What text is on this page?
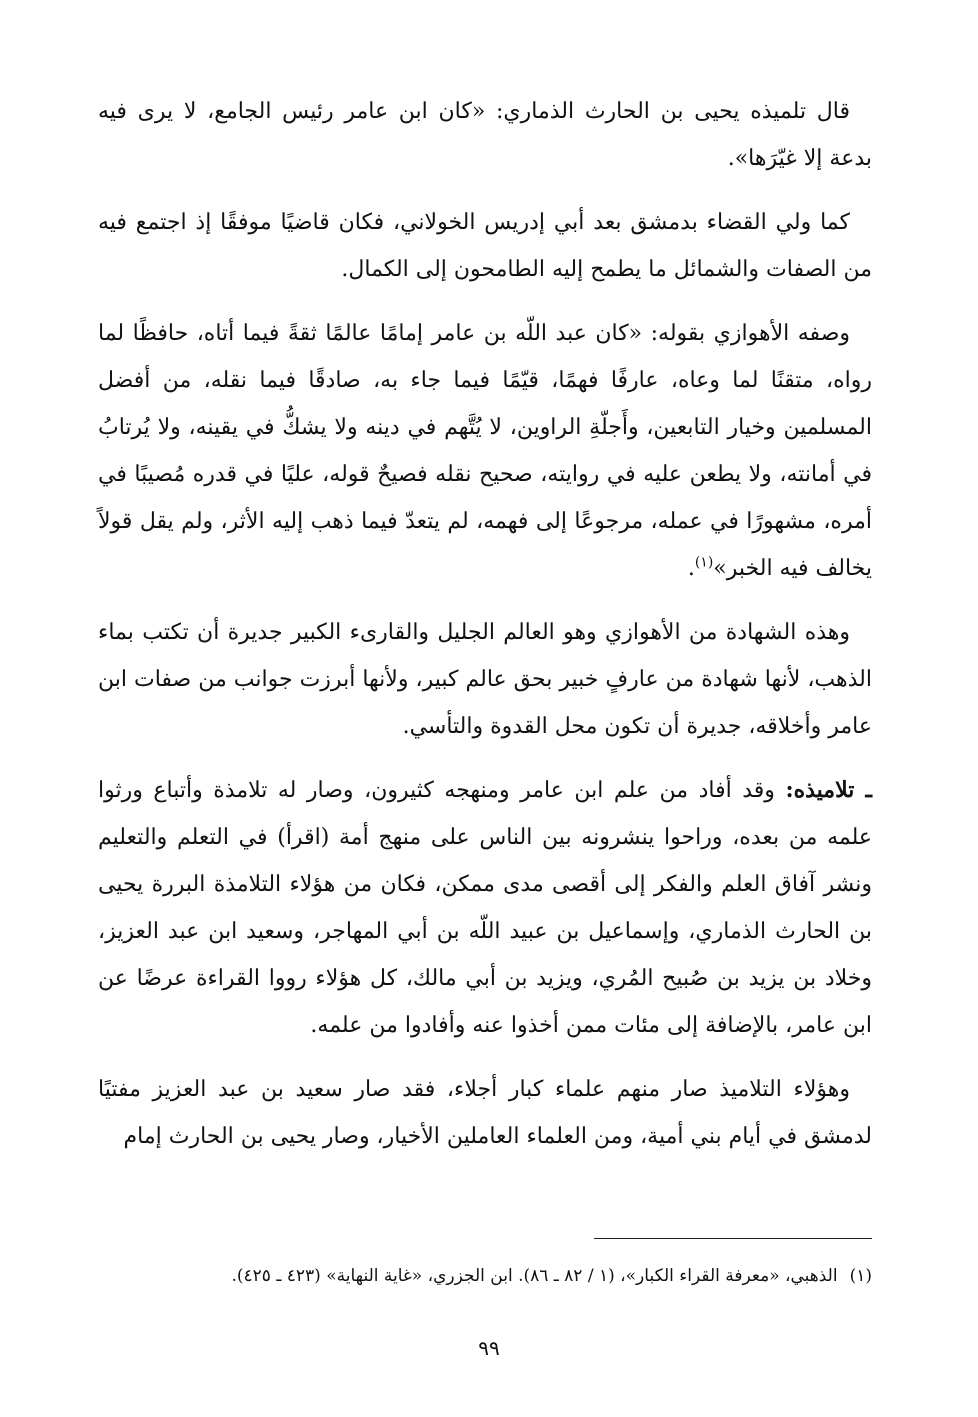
قال تلميذه يحيى بن الحارث الذماري: «كان ابن عامر رئيس الجامع، لا يرى فيه بدعة إلا غيّرَها».

كما ولي القضاء بدمشق بعد أبي إدريس الخولاني، فكان قاضيًا موفقًا إذ اجتمع فيه من الصفات والشمائل ما يطمح إليه الطامحون إلى الكمال.

وصفه الأهوازي بقوله: «كان عبد اللّه بن عامر إمامًا عالمًا ثقةً فيما أتاه، حافظًا لما رواه، متقنًا لما وعاه، عارفًا فهمًا، قيّمًا فيما جاء به، صادقًا فيما نقله، من أفضل المسلمين وخيار التابعين، وأَجلّةِ الراوين، لا يُتَّهم في دينه ولا يشكُّ في يقينه، ولا يُرتابُ في أمانته، ولا يطعن عليه في روايته، صحيح نقله فصيحٌ قوله، عليًا في قدره مُصيبًا في أمره، مشهورًا في عمله، مرجوعًا إلى فهمه، لم يتعدّ فيما ذهب إليه الأثر، ولم يقل قولاً يخالف فيه الخبر»$^{(١)}$.

وهذه الشهادة من الأهوازي وهو العالم الجليل والقارىء الكبير جديرة أن تكتب بماء الذهب، لأنها شهادة من عارفٍ خبير بحق عالم كبير، ولأنها أبرزت جوانب من صفات ابن عامر وأخلاقه، جديرة أن تكون محل القدوة والتأسي.

ـ تلاميذه: وقد أفاد من علم ابن عامر ومنهجه كثيرون، وصار له تلامذة وأتباع ورثوا علمه من بعده، وراحوا ينشرونه بين الناس على منهج أمة (اقرأ) في التعلم والتعليم ونشر آفاق العلم والفكر إلى أقصى مدى ممكن، فكان من هؤلاء التلامذة البررة يحيى بن الحارث الذماري، وإسماعيل بن عبيد اللّه بن أبي المهاجر، وسعيد ابن عبد العزيز، وخلاد بن يزيد بن صُبيح المُري، ويزيد بن أبي مالك، كل هؤلاء رووا القراءة عرضًا عن ابن عامر، بالإضافة إلى مئات ممن أخذوا عنه وأفادوا من علمه.

وهؤلاء التلاميذ صار منهم علماء كبار أجلاء، فقد صار سعيد بن عبد العزيز مفتيًا لدمشق في أيام بني أمية، ومن العلماء العاملين الأخيار، وصار يحيى بن الحارث إمام

(١)الذهبي، «معرفة القراء الكبار»، (١ / ٨٢ ـ ٨٦). ابن الجزري، «غاية النهاية» (٤٢٣ ـ ٤٢٥).
٩٩
